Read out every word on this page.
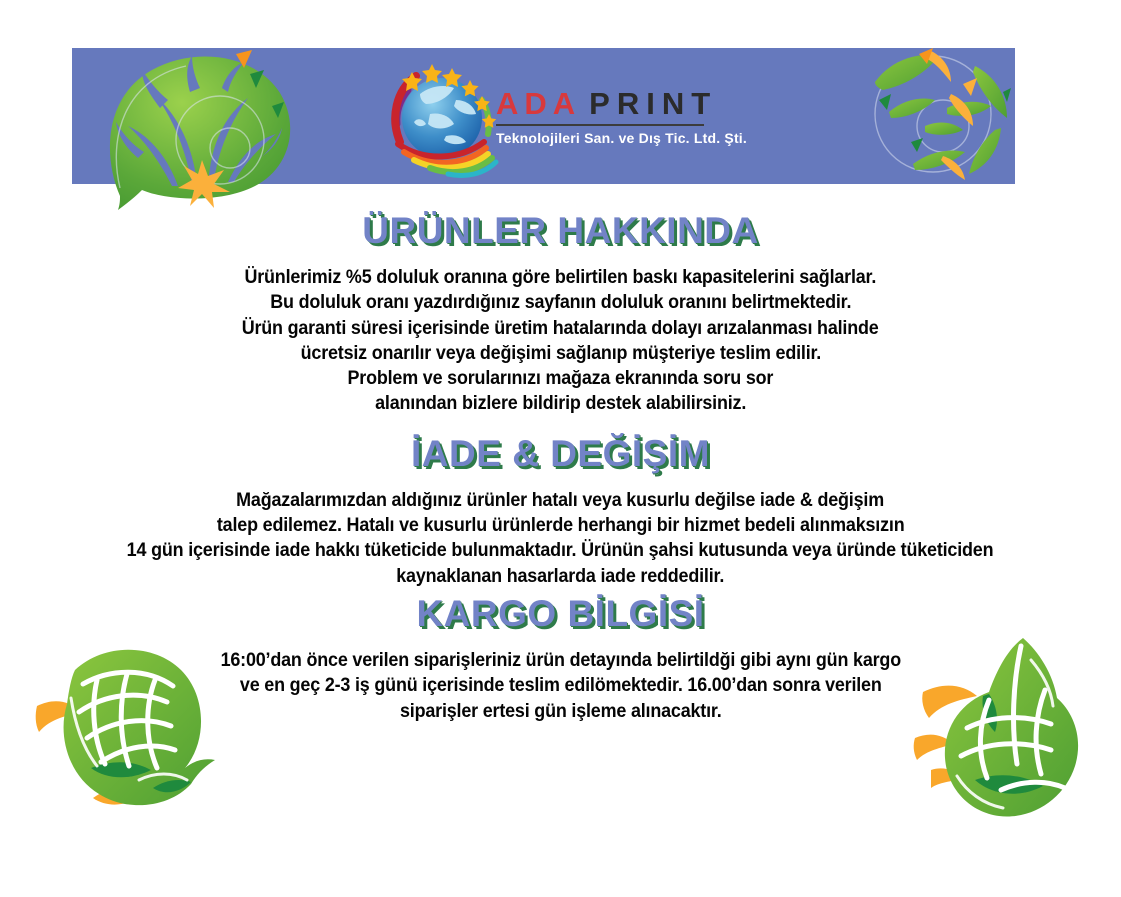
ADA PRINT
Teknolojileri San. ve Dış Tic. Ltd. Şti.
ÜRÜNLER HAKKINDA
Ürünlerimiz %5 doluluk oranına göre belirtilen baskı kapasitelerini sağlarlar.
Bu doluluk oranı yazdırdığınız sayfanın doluluk oranını belirtmektedir.
Ürün garanti süresi içerisinde üretim hatalarında dolayı arızalanması halinde
ücretsiz onarılır veya değişimi sağlanıp müşteriye teslim edilir.
Problem ve sorularınızı mağaza ekranında soru sor
alanından bizlere bildirip destek alabilirsiniz.
İADE & DEĞİŞİM
Mağazalarımızdan aldığınız ürünler hatalı veya kusurlu değilse iade & değişim
talep edilemez. Hatalı ve kusurlu ürünlerde herhangi bir hizmet bedeli alınmaksızın
14 gün içerisinde iade hakkı tüketicide bulunmaktadır. Ürünün şahsi kutusunda veya üründe tüketiciden
kaynaklanan hasarlarda iade reddedilir.
KARGO BİLGİSİ
16:00’dan önce verilen siparişleriniz ürün detayında belirtildği gibi aynı gün kargo
ve en geç 2-3 iş günü içerisinde teslim edilömektedir. 16.00’dan sonra verilen
siparişler ertesi gün işleme alınacaktır.
